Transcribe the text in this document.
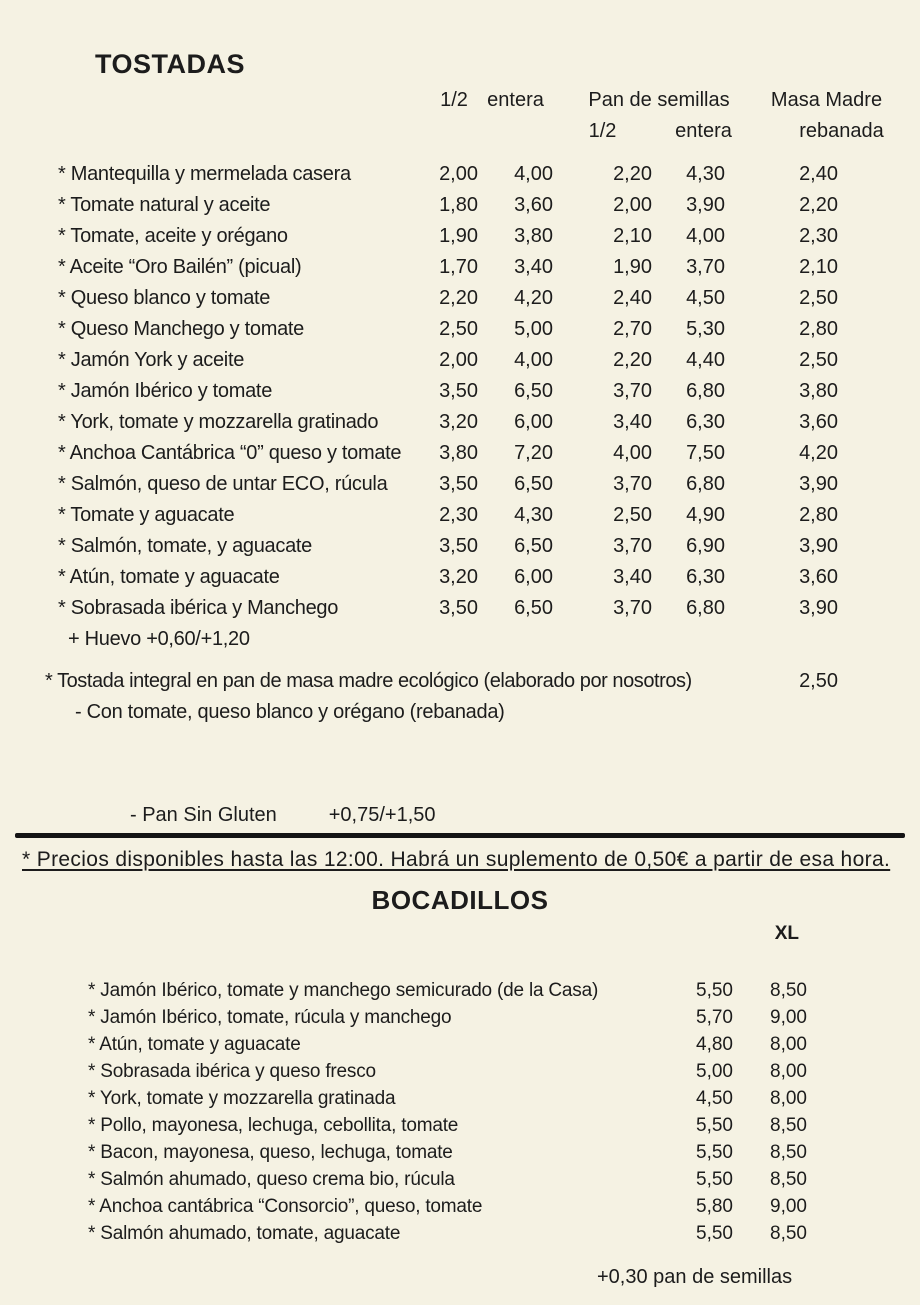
TOSTADAS
1/2 entera	Pan de semillas	Masa Madre
1/2	entera	rebanada
* Mantequilla y mermelada casera	2,00	4,00	2,20	4,30	2,40
* Tomate natural y aceite	1,80	3,60	2,00	3,90	2,20
* Tomate, aceite y orégano	1,90	3,80	2,10	4,00	2,30
* Aceite “Oro Bailén” (picual)	1,70	3,40	1,90	3,70	2,10
* Queso blanco y tomate	2,20	4,20	2,40	4,50	2,50
* Queso Manchego y tomate	2,50	5,00	2,70	5,30	2,80
* Jamón York y aceite	2,00	4,00	2,20	4,40	2,50
* Jamón Ibérico y tomate	3,50	6,50	3,70	6,80	3,80
* York, tomate y mozzarella gratinado	3,20	6,00	3,40	6,30	3,60
* Anchoa Cantábrica “0” queso y tomate	3,80	7,20	4,00	7,50	4,20
* Salmón, queso de untar ECO, rúcula	3,50	6,50	3,70	6,80	3,90
* Tomate y aguacate	2,30	4,30	2,50	4,90	2,80
* Salmón, tomate, y aguacate	3,50	6,50	3,70	6,90	3,90
* Atún, tomate y aguacate	3,20	6,00	3,40	6,30	3,60
* Sobrasada ibérica y Manchego	3,50	6,50	3,70	6,80	3,90
+ Huevo +0,60/+1,20
* Tostada integral en pan de masa madre ecológico (elaborado por nosotros)	2,50
- Con tomate, queso blanco y orégano (rebanada)
- Pan Sin Gluten	+0,75/+1,50
* Precios disponibles hasta las 12:00. Habrá un suplemento de 0,50€ a partir de esa hora.
BOCADILLOS
XL
* Jamón Ibérico, tomate y manchego semicurado (de la Casa)	5,50	8,50
* Jamón Ibérico, tomate, rúcula y manchego	5,70	9,00
* Atún, tomate y aguacate	4,80	8,00
* Sobrasada ibérica y queso fresco	5,00	8,00
* York, tomate y mozzarella gratinada	4,50	8,00
* Pollo, mayonesa, lechuga, cebollita, tomate	5,50	8,50
* Bacon, mayonesa, queso, lechuga, tomate	5,50	8,50
* Salmón ahumado, queso crema bio, rúcula	5,50	8,50
* Anchoa cantábrica “Consorcio”, queso, tomate	5,80	9,00
* Salmón ahumado, tomate, aguacate	5,50	8,50
+0,30 pan de semillas
